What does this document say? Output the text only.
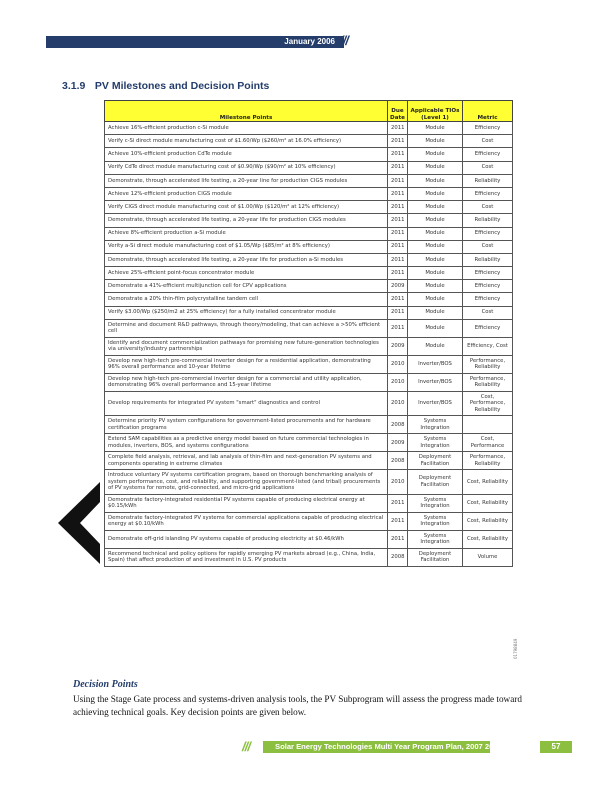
January 2006 ///
3.1.9 PV Milestones and Decision Points
Milestone Points	Due Date	Applicable TIOs (Level 1)	Metric
Achieve 16%-efficient production c-Si module	2011	Module	Efficiency
Verify c-Si direct module manufacturing cost of $1.60/Wp ($260/m² at 16.0% efficiency)	2011	Module	Cost
Achieve 10%-efficient production CdTe module	2011	Module	Efficiency
Verify CdTe direct module manufacturing cost of $0.90/Wp ($90/m² at 10% efficiency)	2011	Module	Cost
Demonstrate, through accelerated life testing, a 20-year line for production CIGS modules	2011	Module	Reliability
Achieve 12%-efficient production CIGS module	2011	Module	Efficiency
Verify CIGS direct module manufacturing cost of $1.00/Wp ($120/m² at 12% efficiency)	2011	Module	Cost
Demonstrate, through accelerated life testing, a 20-year life for production CIGS modules	2011	Module	Reliability
Achieve 8%-efficient production a-Si module	2011	Module	Efficiency
Verity a-Si direct module manufacturing cost of $1.05/Wp ($85/m² at 8% efficiency)	2011	Module	Cost
Demonstrate, through accelerated life testing, a 20-year life for production a-Si modules	2011	Module	Reliability
Achieve 25%-efficient point-focus concentrator module	2011	Module	Efficiency
Demonstrate a 41%-efficient multijunction cell for CPV applications	2009	Module	Efficiency
Demonstrate a 20% thin-film polycrystalline tandem cell	2011	Module	Efficiency
Verify $3.00/Wp ($250/m2 at 25% efficiency) for a fully installed concentrator module	2011	Module	Cost
Determine and document R&D pathways, through theory/modeling, that can achieve a >50% efficient cell	2011	Module	Efficiency
Identify and document commercialization pathways for promising new future-generation technologies via university/industry partnerships	2009	Module	Efficiency, Cost
Develop new high-tech pre-commercial inverter design for a residential application, demonstrating 96% overall performance and 10-year lifetime	2010	Inverter/BOS	Performance, Reliability
Develop new high-tech pre-commercial inverter design for a commercial and utility application, demonstrating 96% overall performance and 15-year lifetime	2010	Inverter/BOS	Performance, Reliability
Develop requirements for integrated PV system "smart" diagnostics and control	2010	Inverter/BOS	Cost, Performance, Reliability
Determine priority PV system configurations for government-listed procurements and for hardware certification programs	2008	Systems Integration	
Extend SAM capabilities as a predictive energy model based on future commercial technologies in modules, inverters, BOS, and systems configurations	2009	Systems Integration	Cost, Performance
Complete field analysis, retrieval, and lab analysis of thin-film and next-generation PV systems and components operating in extreme climates	2008	Deployment Facilitation	Performance, Reliability
Introduce voluntary PV systems certification program, based on thorough benchmarking analysis of system performance, cost, and reliability, and supporting government-listed (and tribal) procurements of PV systems for remote, grid-connected, and micro-grid applications	2010	Deployment Facilitation	Cost, Reliability
Demonstrate factory-integrated residential PV systems capable of producing electrical energy at $0.15/kWh	2011	Systems Integration	Cost, Reliability
Demonstrate factory-integrated PV systems for commercial applications capable of producing electrical energy at $0.10/kWh	2011	Systems Integration	Cost, Reliability
Demonstrate off-grid islanding PV systems capable of producing electricity at $0.46/kWh	2011	Systems Integration	Cost, Reliability
Recommend technical and policy options for rapidly emerging PV markets abroad (e.g., China, India, Spain) that affect production of and investment in U.S. PV products	2008	Deployment Facilitation	Volume
01798849
Decision Points
Using the Stage Gate process and systems-driven analysis tools, the PV Subprogram will assess the progress made toward achieving technical goals. Key decision points are given below.
///	Solar Energy Technologies Multi Year Program Plan, 2007 2011	57
